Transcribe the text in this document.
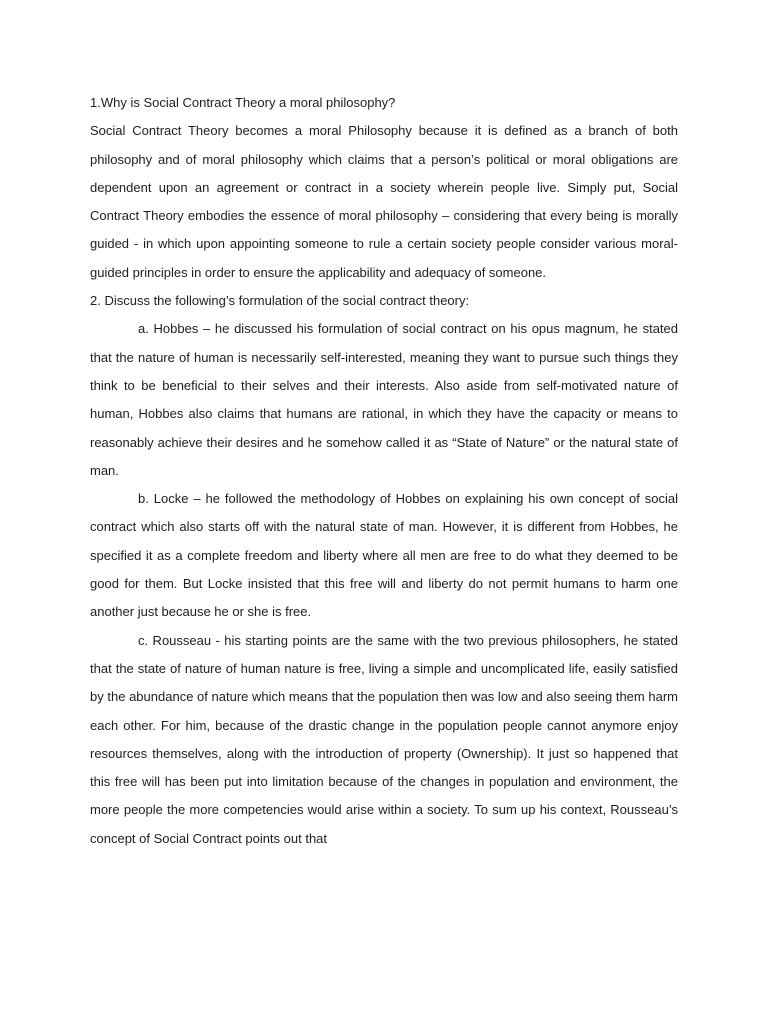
1.Why is Social Contract Theory a moral philosophy?

Social Contract Theory becomes a moral Philosophy because it is defined as a branch of both philosophy and of moral philosophy which claims that a person’s political or moral obligations are dependent upon an agreement or contract in a society wherein people live. Simply put, Social Contract Theory embodies the essence of moral philosophy – considering that every being is morally guided - in which upon appointing someone to rule a certain society people consider various moral-guided principles in order to ensure the applicability and adequacy of someone.

2. Discuss the following’s formulation of the social contract theory:

a. Hobbes – he discussed his formulation of social contract on his opus magnum, he stated that the nature of human is necessarily self-interested, meaning they want to pursue such things they think to be beneficial to their selves and their interests. Also aside from self-motivated nature of human, Hobbes also claims that humans are rational, in which they have the capacity or means to reasonably achieve their desires and he somehow called it as “State of Nature” or the natural state of man.

b. Locke – he followed the methodology of Hobbes on explaining his own concept of social contract which also starts off with the natural state of man. However, it is different from Hobbes, he specified it as a complete freedom and liberty where all men are free to do what they deemed to be good for them. But Locke insisted that this free will and liberty do not permit humans to harm one another just because he or she is free.

c. Rousseau - his starting points are the same with the two previous philosophers, he stated that the state of nature of human nature is free, living a simple and uncomplicated life, easily satisfied by the abundance of nature which means that the population then was low and also seeing them harm each other. For him, because of the drastic change in the population people cannot anymore enjoy resources themselves, along with the introduction of property (Ownership). It just so happened that this free will has been put into limitation because of the changes in population and environment, the more people the more competencies would arise within a society. To sum up his context, Rousseau’s concept of Social Contract points out that
